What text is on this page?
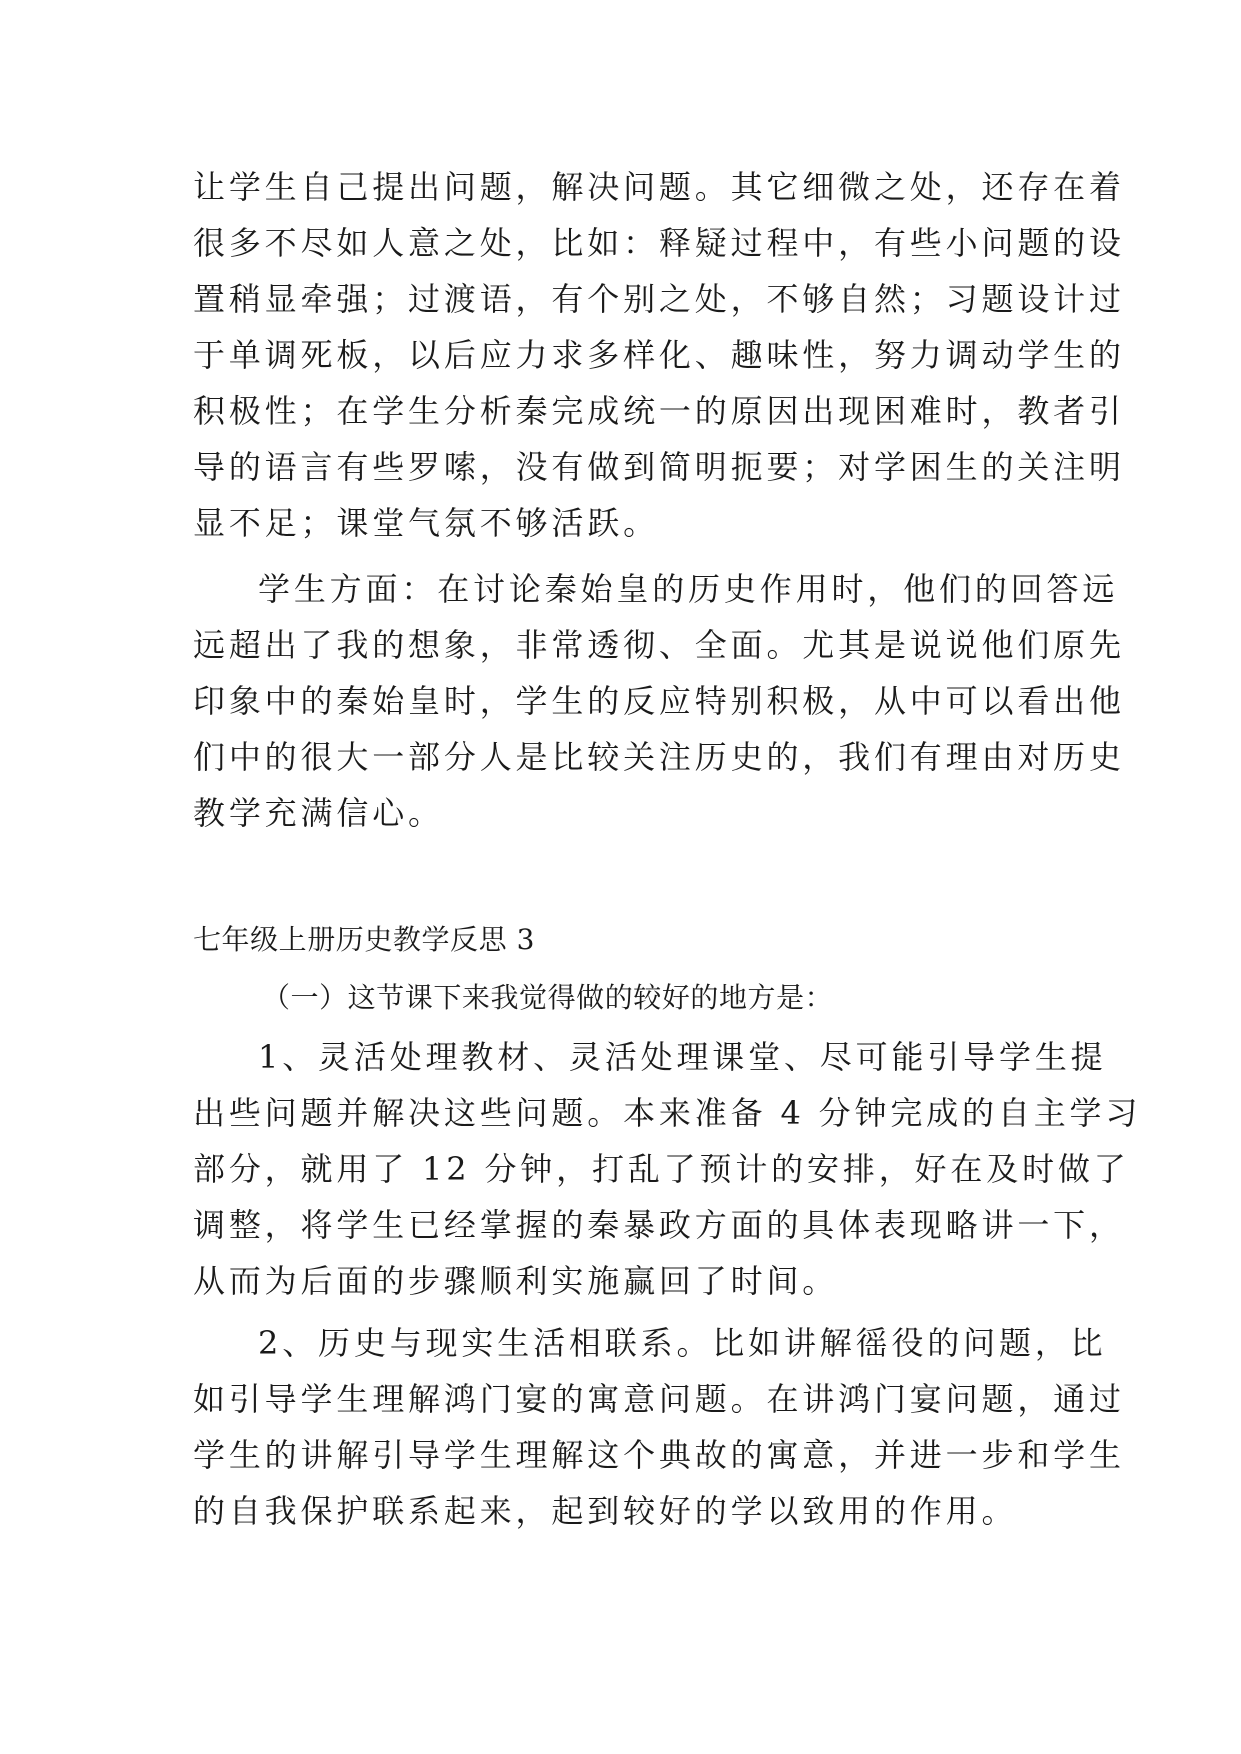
让学生自己提出问题，解决问题。其它细微之处，还存在着
很多不尽如人意之处，比如：释疑过程中，有些小问题的设
置稍显牵强；过渡语，有个别之处，不够自然；习题设计过
于单调死板，以后应力求多样化、趣味性，努力调动学生的
积极性；在学生分析秦完成统一的原因出现困难时，教者引
导的语言有些罗嗦，没有做到简明扼要；对学困生的关注明
显不足；课堂气氛不够活跃。
学生方面：在讨论秦始皇的历史作用时，他们的回答远
远超出了我的想象，非常透彻、全面。尤其是说说他们原先
印象中的秦始皇时，学生的反应特别积极，从中可以看出他
们中的很大一部分人是比较关注历史的，我们有理由对历史
教学充满信心。
七年级上册历史教学反思 3
（一）这节课下来我觉得做的较好的地方是：
1、灵活处理教材、灵活处理课堂、尽可能引导学生提
出些问题并解决这些问题。本来准备 4 分钟完成的自主学习
部分，就用了 12 分钟，打乱了预计的安排，好在及时做了
调整，将学生已经掌握的秦暴政方面的具体表现略讲一下，
从而为后面的步骤顺利实施赢回了时间。
2、历史与现实生活相联系。比如讲解徭役的问题，比
如引导学生理解鸿门宴的寓意问题。在讲鸿门宴问题，通过
学生的讲解引导学生理解这个典故的寓意，并进一步和学生
的自我保护联系起来，起到较好的学以致用的作用。
